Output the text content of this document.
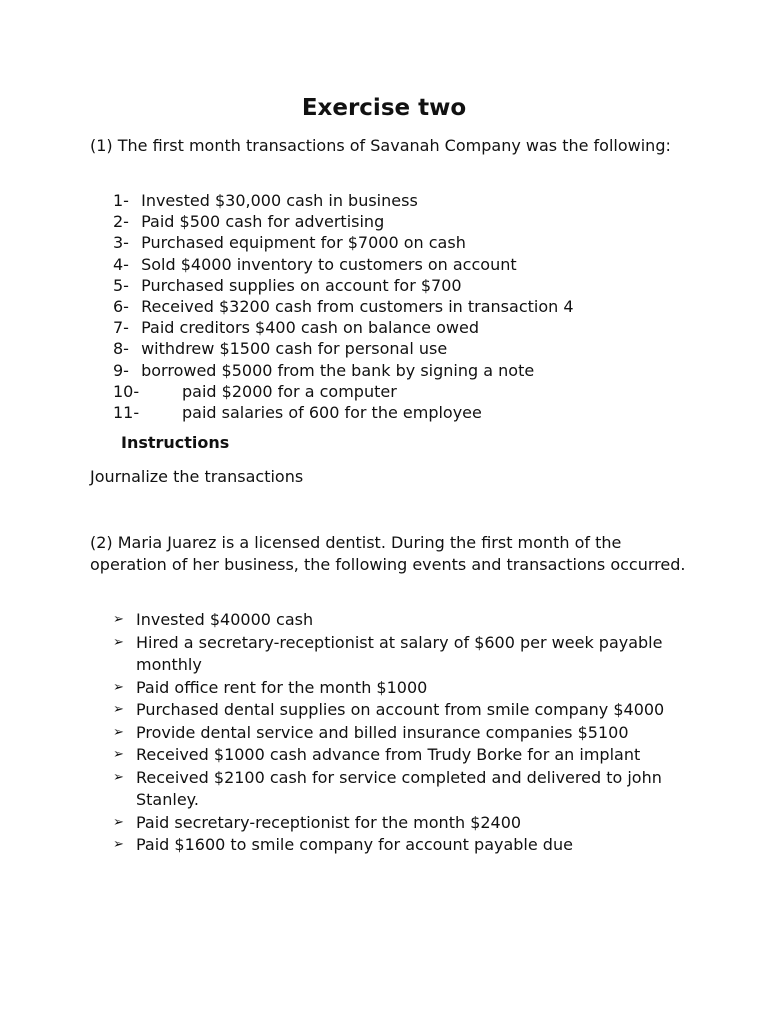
Exercise two
(1) The first month transactions of Savanah Company was the following:
1-
Invested $30,000 cash in business
2-
Paid $500 cash for advertising
3-
Purchased equipment for $7000 on cash
4-
Sold $4000 inventory to customers on account
5-
Purchased supplies on account for $700
6-
Received $3200 cash from customers in transaction 4
7-
Paid creditors $400 cash on balance owed
8-
withdrew $1500 cash for personal use
9-
borrowed $5000 from the bank by signing a note
10-	paid $2000 for a computer
11-	paid salaries of 600 for the employee
Instructions
Journalize the transactions
(2) Maria Juarez is a licensed dentist. During the first month of the operation of her business, the following events and transactions occurred.
➢ Invested $40000 cash
➢ Hired a secretary-receptionist at salary of $600 per week payable monthly
➢ Paid office rent for the month $1000
➢ Purchased dental supplies on account from smile company $4000
➢ Provide dental service and billed insurance companies $5100
➢ Received $1000 cash advance from Trudy Borke for an implant
➢ Received $2100 cash for service completed and delivered to john Stanley.
➢ Paid secretary-receptionist for the month $2400
➢ Paid $1600 to smile company for account payable due
